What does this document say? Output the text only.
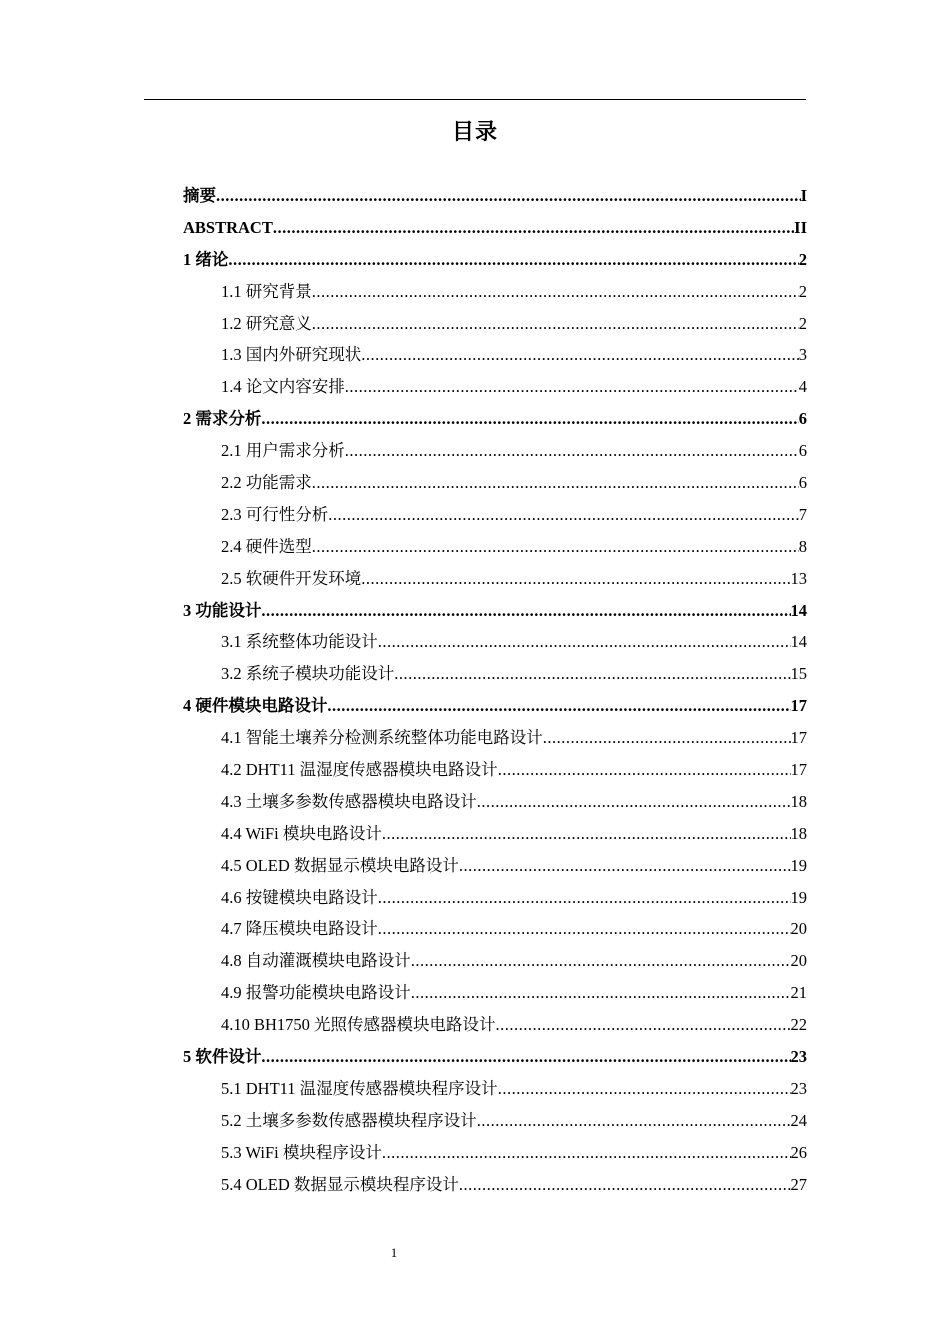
目录
摘要 .....	I
ABSTRACT .....	II
1 绪论 .....	2
1.1 研究背景 .....	2
1.2 研究意义 .....	2
1.3 国内外研究现状 .....	3
1.4 论文内容安排 .....	4
2 需求分析 .....	6
2.1 用户需求分析 .....	6
2.2 功能需求 .....	6
2.3 可行性分析 .....	7
2.4 硬件选型 .....	8
2.5 软硬件开发环境 .....	13
3 功能设计 .....	14
3.1 系统整体功能设计 .....	14
3.2 系统子模块功能设计 .....	15
4 硬件模块电路设计 .....	17
4.1 智能土壤养分检测系统整体功能电路设计 .....	17
4.2 DHT11 温湿度传感器模块电路设计 .....	17
4.3 土壤多参数传感器模块电路设计 .....	18
4.4 WiFi 模块电路设计 .....	18
4.5 OLED 数据显示模块电路设计 .....	19
4.6 按键模块电路设计 .....	19
4.7 降压模块电路设计 .....	20
4.8 自动灌溉模块电路设计 .....	20
4.9 报警功能模块电路设计 .....	21
4.10 BH1750 光照传感器模块电路设计 .....	22
5 软件设计 .....	23
5.1 DHT11 温湿度传感器模块程序设计 .....	23
5.2 土壤多参数传感器模块程序设计 .....	24
5.3 WiFi 模块程序设计 .....	26
5.4 OLED 数据显示模块程序设计 .....	27
1
